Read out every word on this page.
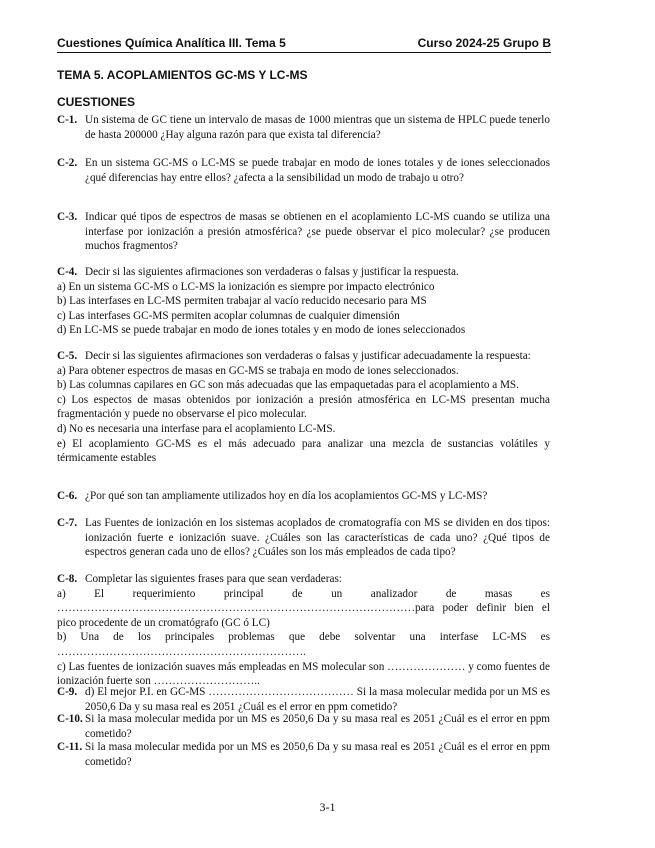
Cuestiones Química Analítica III. Tema 5	Curso 2024-25 Grupo B
TEMA 5. ACOPLAMIENTOS GC-MS Y LC-MS
CUESTIONES
C-1. Un sistema de GC tiene un intervalo de masas de 1000 mientras que un sistema de HPLC puede tenerlo de hasta 200000 ¿Hay alguna razón para que exista tal diferencia?
C-2. En un sistema GC-MS o LC-MS se puede trabajar en modo de iones totales y de iones seleccionados ¿qué diferencias hay entre ellos? ¿afecta a la sensibilidad un modo de trabajo u otro?
C-3. Indicar qué tipos de espectros de masas se obtienen en el acoplamiento LC-MS cuando se utiliza una interfase por ionización a presión atmosférica? ¿se puede observar el pico molecular? ¿se producen muchos fragmentos?
C-4. Decir si las siguientes afirmaciones son verdaderas o falsas y justificar la respuesta.
a) En un sistema GC-MS o LC-MS la ionización es siempre por impacto electrónico
b) Las interfases en LC-MS permiten trabajar al vacío reducido necesario para MS
c) Las interfases GC-MS permiten acoplar columnas de cualquier dimensión
d) En LC-MS se puede trabajar en modo de iones totales y en modo de iones seleccionados
C-5. Decir si las siguientes afirmaciones son verdaderas o falsas y justificar adecuadamente la respuesta:
a) Para obtener espectros de masas en GC-MS se trabaja en modo de iones seleccionados.
b) Las columnas capilares en GC son más adecuadas que las empaquetadas para el acoplamiento a MS.
c) Los espectos de masas obtenidos por ionización a presión atmosférica en LC-MS presentan mucha fragmentación y puede no observarse el pico molecular.
d) No es necesaria una interfase para el acoplamiento LC-MS.
e) El acoplamiento GC-MS es el más adecuado para analizar una mezcla de sustancias volátiles y térmicamente estables
C-6. ¿Por qué son tan ampliamente utilizados hoy en día los acoplamientos GC-MS y LC-MS?
C-7. Las Fuentes de ionización en los sistemas acoplados de cromatografía con MS se dividen en dos tipos: ionización fuerte e ionización suave. ¿Cuáles son las características de cada uno? ¿Qué tipos de espectros generan cada uno de ellos? ¿Cuáles son los más empleados de cada tipo?
C-8. Completar las siguientes frases para que sean verdaderas:
a) El requerimiento principal de un analizador de masas es ……………………………………………………………………………………para poder definir bien el pico procedente de un cromatógrafo (GC ó LC)
b) Una de los principales problemas que debe solventar una interfase LC-MS es ………………………………………………………….
c) Las fuentes de ionización suaves más empleadas en MS molecular son ………………… y como fuentes de ionización fuerte son ………………………..
C-9. d) El mejor P.I. en GC-MS ………………………………… Si la masa molecular medida por un MS es 2050,6 Da y su masa real es 2051 ¿Cuál es el error en ppm cometido?
C-10. Si la masa molecular medida por un MS es 2050,6 Da y su masa real es 2051 ¿Cuál es el error en ppm cometido?
C-11. Si la masa molecular medida por un MS es 2050,6 Da y su masa real es 2051 ¿Cuál es el error en ppm cometido?
3-1
